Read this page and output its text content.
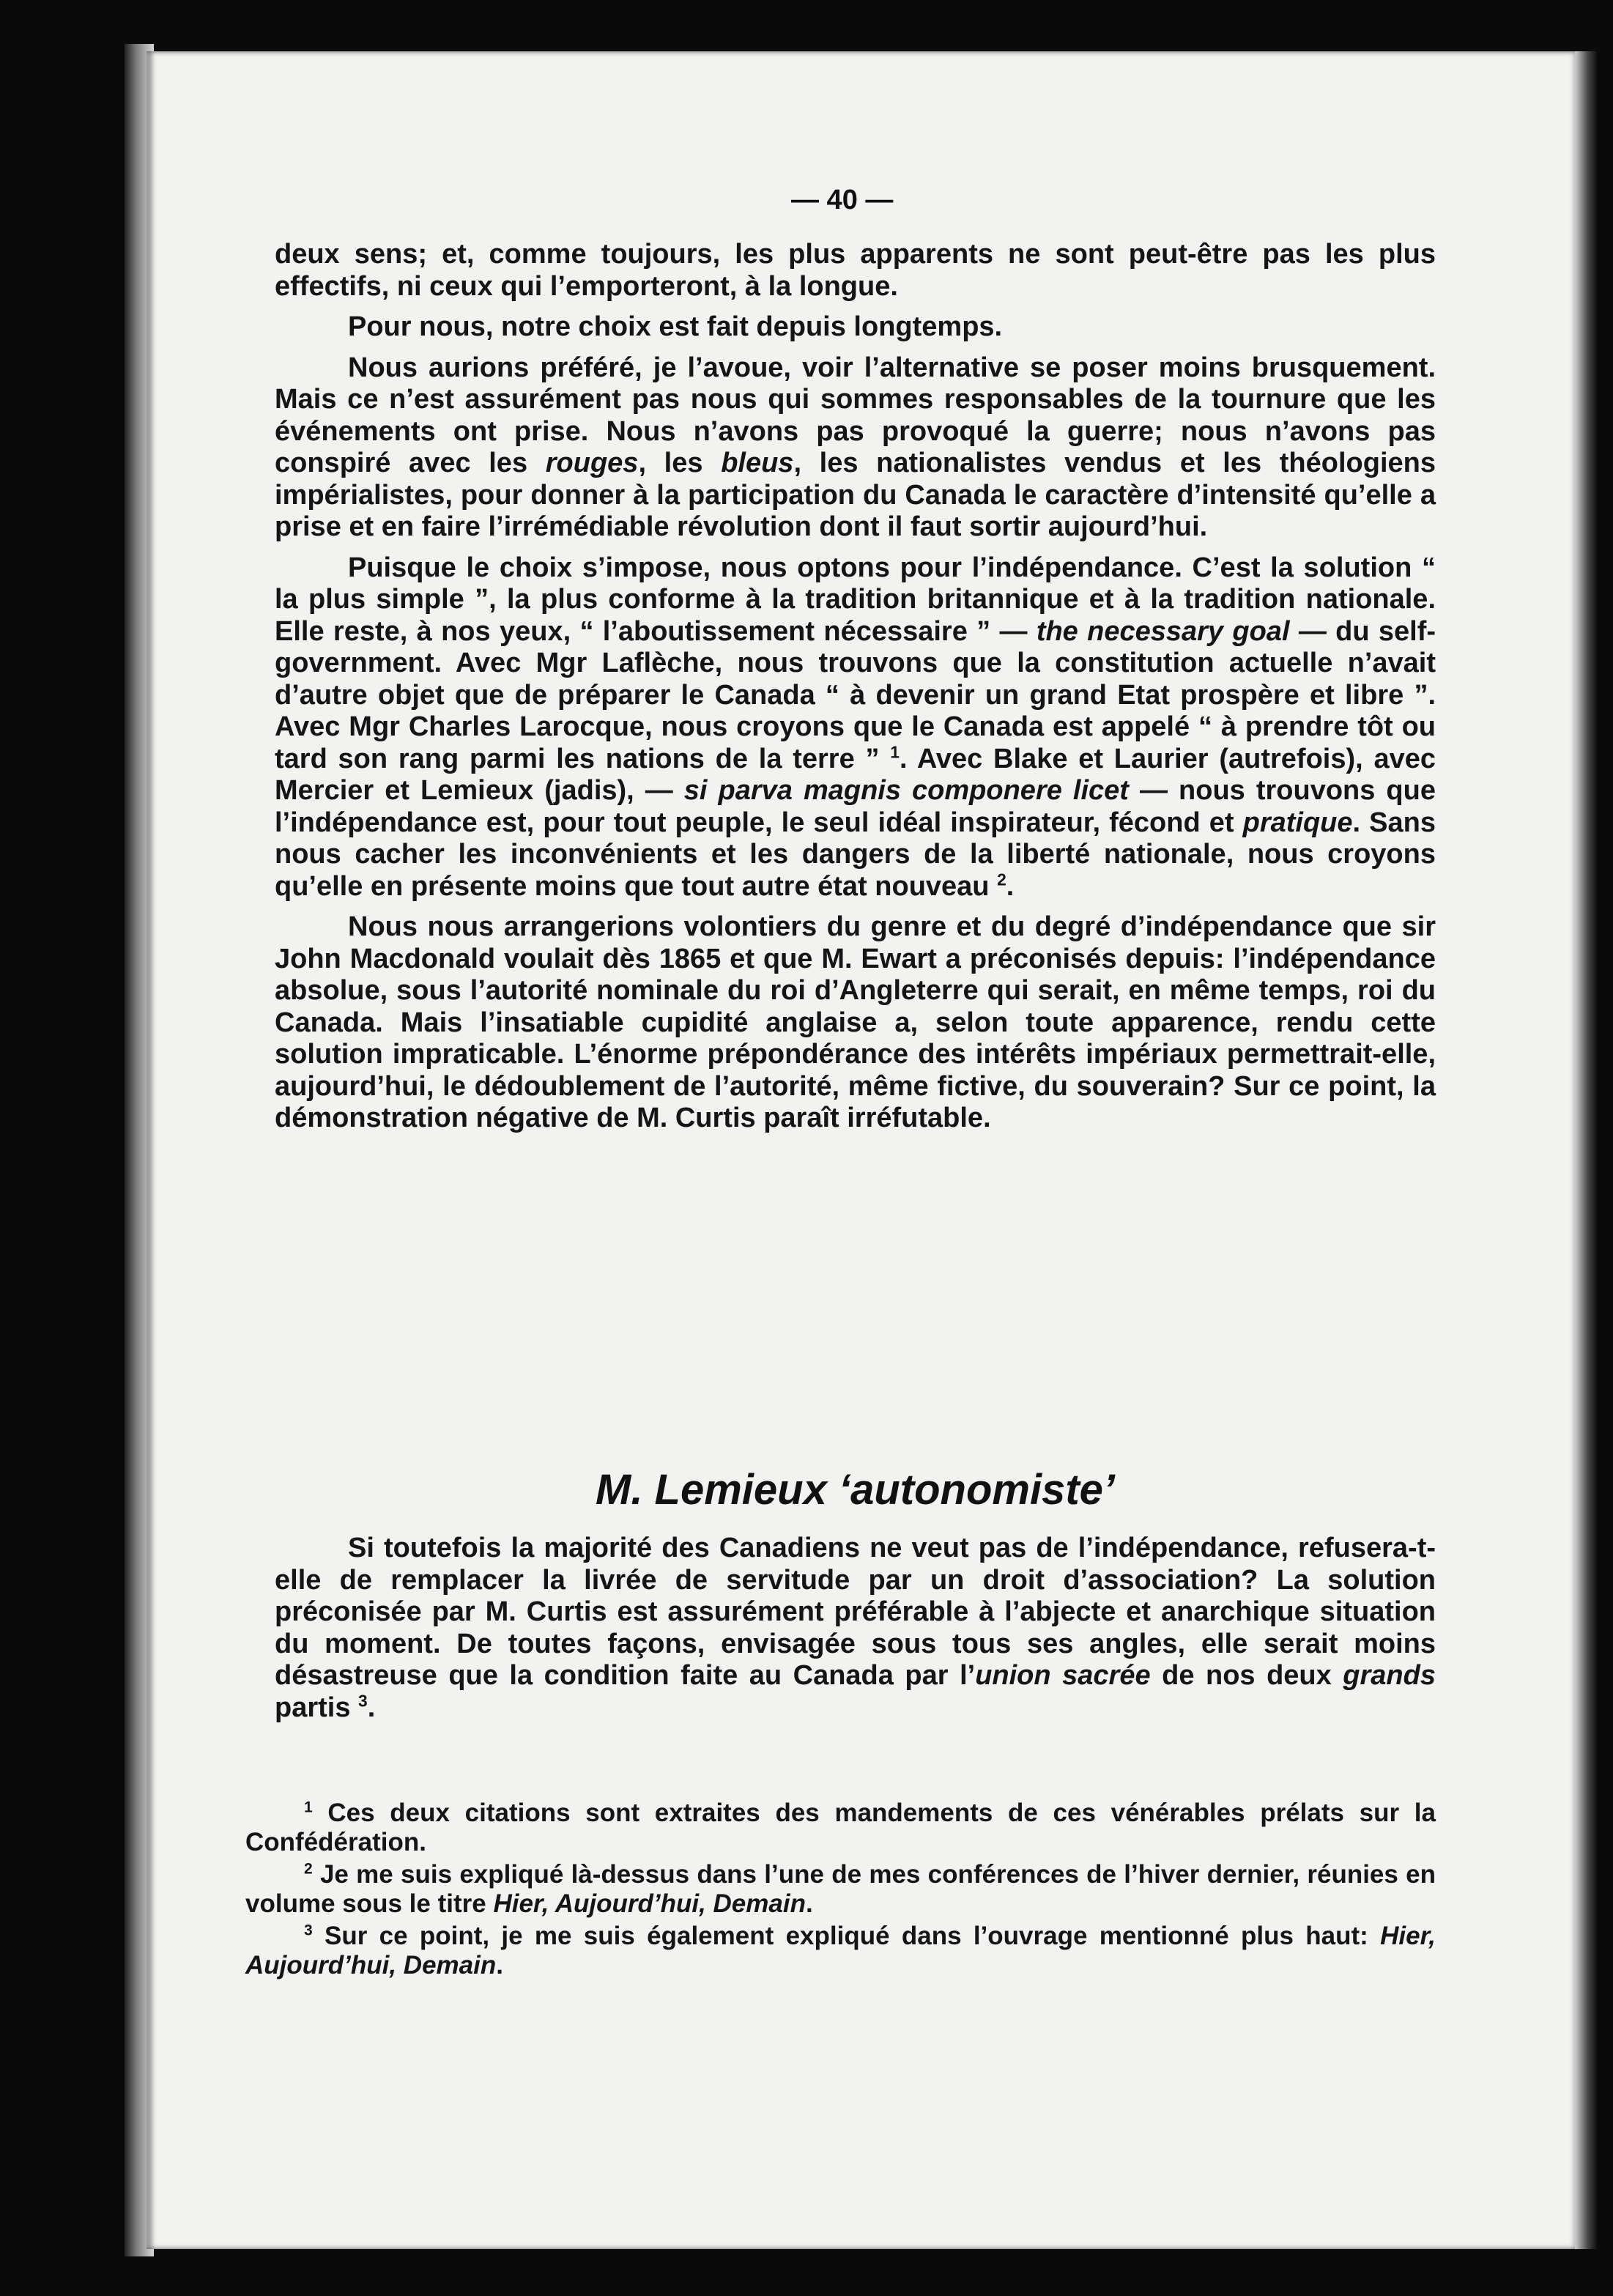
— 40 —

deux sens; et, comme toujours, les plus apparents ne sont peut-être pas les plus effectifs, ni ceux qui l’emporteront, à la longue.

Pour nous, notre choix est fait depuis longtemps.

Nous aurions préféré, je l’avoue, voir l’alternative se poser moins brusquement. Mais ce n’est assurément pas nous qui sommes responsables de la tournure que les événements ont prise. Nous n’avons pas provoqué la guerre; nous n’avons pas conspiré avec les rouges, les bleus, les nationalistes vendus et les théologiens impérialistes, pour donner à la participation du Canada le caractère d’intensité qu’elle a prise et en faire l’irrémédiable révolution dont il faut sortir aujourd’hui.

Puisque le choix s’impose, nous optons pour l’indépendance. C’est la solution “ la plus simple ”, la plus conforme à la tradition britannique et à la tradition nationale. Elle reste, à nos yeux, “ l’aboutissement nécessaire ” — the necessary goal — du self-government. Avec Mgr Laflèche, nous trouvons que la constitution actuelle n’avait d’autre objet que de préparer le Canada “ à devenir un grand Etat prospère et libre ”. Avec Mgr Charles Larocque, nous croyons que le Canada est appelé “ à prendre tôt ou tard son rang parmi les nations de la terre ” $^1$. Avec Blake et Laurier (autrefois), avec Mercier et Lemieux (jadis), — si parva magnis componere licet — nous trouvons que l’indépendance est, pour tout peuple, le seul idéal inspirateur, fécond et pratique. Sans nous cacher les inconvénients et les dangers de la liberté nationale, nous croyons qu’elle en présente moins que tout autre état nouveau $^2$.

Nous nous arrangerions volontiers du genre et du degré d’indépendance que sir John Macdonald voulait dès 1865 et que M. Ewart a préconisés depuis: l’indépendance absolue, sous l’autorité nominale du roi d’Angleterre qui serait, en même temps, roi du Canada. Mais l’insatiable cupidité anglaise a, selon toute apparence, rendu cette solution impraticable. L’énorme prépondérance des intérêts impériaux permettrait-elle, aujourd’hui, le dédoublement de l’autorité, même fictive, du souverain? Sur ce point, la démonstration négative de M. Curtis paraît irréfutable.

M. Lemieux ‘autonomiste’

Si toutefois la majorité des Canadiens ne veut pas de l’indépendance, refusera-t-elle de remplacer la livrée de servitude par un droit d’association? La solution préconisée par M. Curtis est assurément préférable à l’abjecte et anarchique situation du moment. De toutes façons, envisagée sous tous ses angles, elle serait moins désastreuse que la condition faite au Canada par l’union sacrée de nos deux grands partis $^3$.

$^1$ Ces deux citations sont extraites des mandements de ces vénérables prélats sur la Confédération.

$^2$ Je me suis expliqué là-dessus dans l’une de mes conférences de l’hiver dernier, réunies en volume sous le titre Hier, Aujourd’hui, Demain.

$^3$ Sur ce point, je me suis également expliqué dans l’ouvrage mentionné plus haut: Hier, Aujourd’hui, Demain.
